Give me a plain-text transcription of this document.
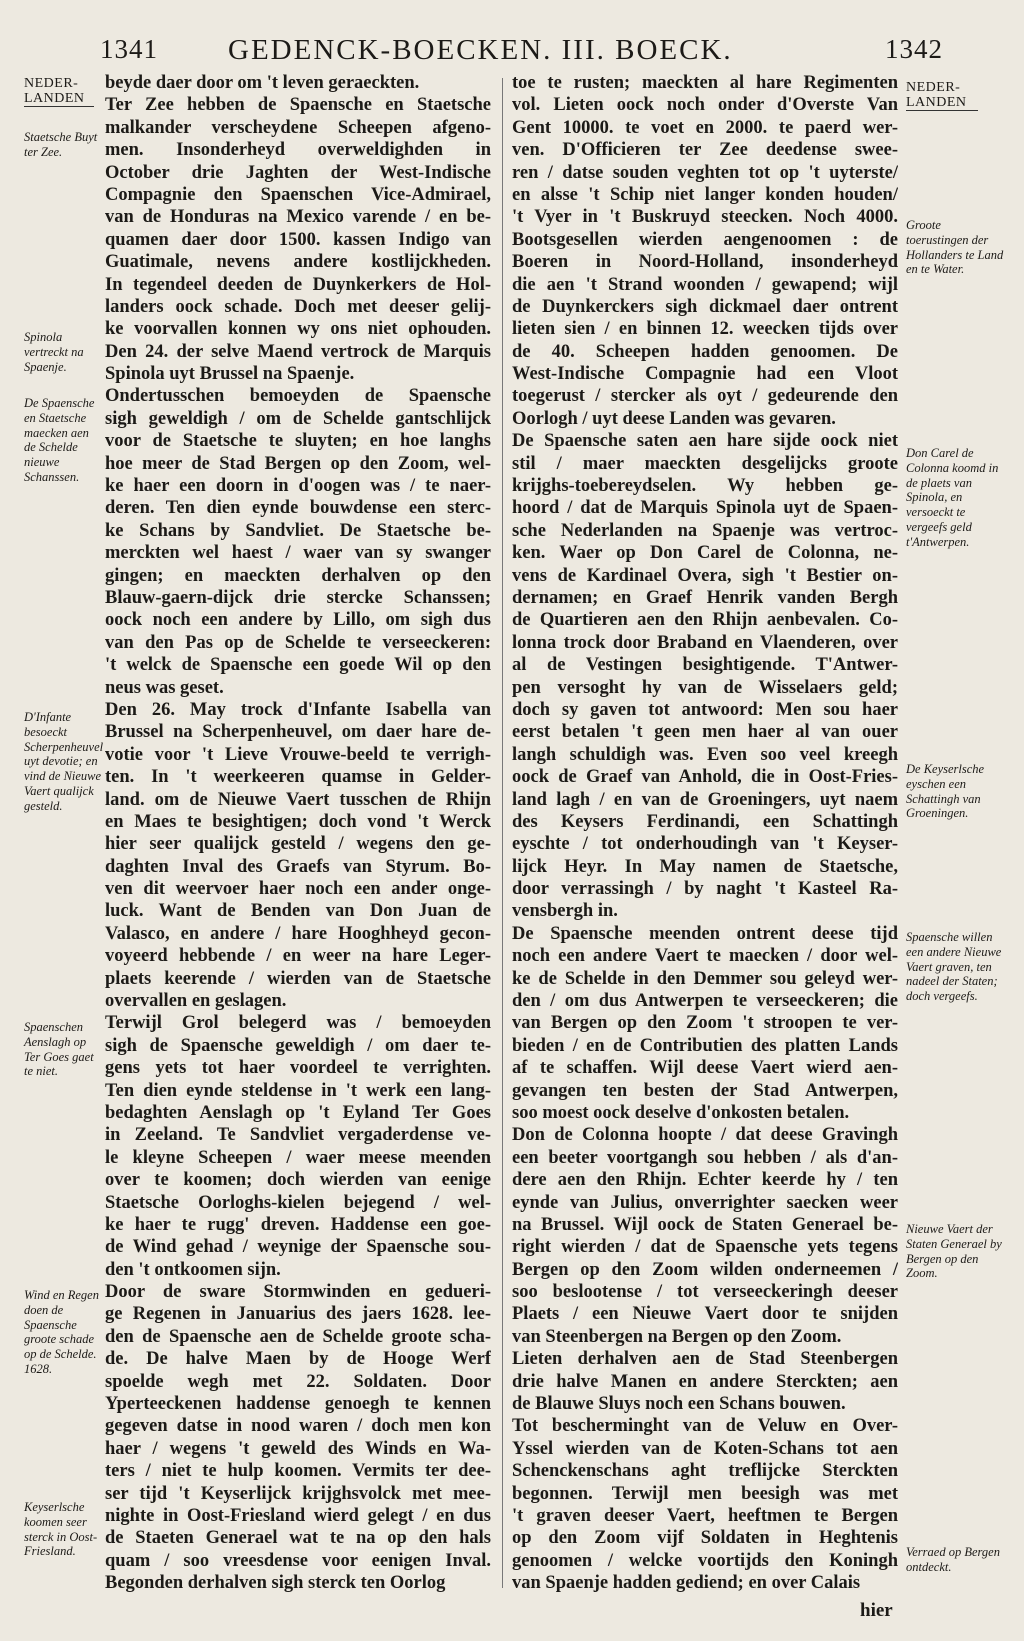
1341 GEDENCK-BOECKEN. III. BOECK.	1342
NEDER-LANDEN
NEDER-LANDEN
beyde daer door om 't leven geraeckten.
Ter Zee hebben de Spaensche en Staetsche
malkander verscheydene Scheepen afgeno-
men. Insonderheyd overweldighden in
October drie Jaghten der West-Indische
Compagnie den Spaenschen Vice-Admirael,
van de Honduras na Mexico varende / en be-
quamen daer door 1500. kassen Indigo van
Guatimale, nevens andere kostlijckheden.
In tegendeel deeden de Duynkerkers de Hol-
landers oock schade. Doch met deeser gelij-
ke voorvallen konnen wy ons niet ophouden.
Den 24. der selve Maend vertrock de Marquis
Spinola uyt Brussel na Spaenje.
Ondertusschen bemoeyden de Spaensche
sigh geweldigh / om de Schelde gantschlijck
voor de Staetsche te sluyten; en hoe langhs
hoe meer de Stad Bergen op den Zoom, wel-
ke haer een doorn in d'oogen was / te naer-
deren. Ten dien eynde bouwdense een sterc-
ke Schans by Sandvliet. De Staetsche be-
merckten wel haest / waer van sy swanger
gingen; en maeckten derhalven op den
Blauw-gaern-dijck drie stercke Schanssen;
oock noch een andere by Lillo, om sigh dus
van den Pas op de Schelde te verseeckeren:
't welck de Spaensche een goede Wil op den
neus was geset.
Den 26. May trock d'Infante Isabella van
Brussel na Scherpenheuvel, om daer hare de-
votie voor 't Lieve Vrouwe-beeld te verrigh-
ten. In 't weerkeeren quamse in Gelder-
land. om de Nieuwe Vaert tusschen de Rhijn
en Maes te besightigen; doch vond 't Werck
hier seer qualijck gesteld / wegens den ge-
daghten Inval des Graefs van Styrum. Bo-
ven dit weervoer haer noch een ander onge-
luck. Want de Benden van Don Juan de
Valasco, en andere / hare Hooghheyd gecon-
voyeerd hebbende / en weer na hare Leger-
plaets keerende / wierden van de Staetsche
overvallen en geslagen.
Terwijl Grol belegerd was / bemoeyden
sigh de Spaensche geweldigh / om daer te-
gens yets tot haer voordeel te verrighten.
Ten dien eynde steldense in 't werk een lang-
bedaghten Aenslagh op 't Eyland Ter Goes
in Zeeland. Te Sandvliet vergaderdense ve-
le kleyne Scheepen / waer meese meenden
over te koomen; doch wierden van eenige
Staetsche Oorloghs-kielen bejegend / wel-
ke haer te rugg' dreven. Haddense een goe-
de Wind gehad / weynige der Spaensche sou-
den 't ontkoomen sijn.
Door de sware Stormwinden en gedueri-
ge Regenen in Januarius des jaers 1628. lee-
den de Spaensche aen de Schelde groote scha-
de. De halve Maen by de Hooge Werf
spoelde wegh met 22. Soldaten. Door
Yperteeckenen haddense genoegh te kennen
gegeven datse in nood waren / doch men kon
haer / wegens 't geweld des Winds en Wa-
ters / niet te hulp koomen. Vermits ter dee-
ser tijd 't Keyserlijck krijghsvolck met mee-
nighte in Oost-Friesland wierd gelegt / en dus
de Staeten Generael wat te na op den hals
quam / soo vreesdense voor eenigen Inval.
Begonden derhalven sigh sterck ten Oorlog
toe te rusten; maeckten al hare Regimenten
vol. Lieten oock noch onder d'Overste Van
Gent 10000. te voet en 2000. te paerd wer-
ven. D'Officieren ter Zee deedense swee-
ren / datse souden veghten tot op 't uyterste/
en alsse 't Schip niet langer konden houden/
't Vyer in 't Buskruyd steecken. Noch 4000.
Bootsgesellen wierden aengenoomen : de
Boeren in Noord-Holland, insonderheyd
die aen 't Strand woonden / gewapend; wijl
de Duynkerckers sigh dickmael daer ontrent
lieten sien / en binnen 12. weecken tijds over
de 40. Scheepen hadden genoomen. De
West-Indische Compagnie had een Vloot
toegerust / stercker als oyt / gedeurende den
Oorlogh / uyt deese Landen was gevaren.
De Spaensche saten aen hare sijde oock niet
stil / maer maeckten desgelijcks groote
krijghs-toebereydselen. Wy hebben ge-
hoord / dat de Marquis Spinola uyt de Spaen-
sche Nederlanden na Spaenje was vertroc-
ken. Waer op Don Carel de Colonna, ne-
vens de Kardinael Overa, sigh 't Bestier on-
dernamen; en Graef Henrik vanden Bergh
de Quartieren aen den Rhijn aenbevalen. Co-
lonna trock door Braband en Vlaenderen, over
al de Vestingen besightigende. T'Antwer-
pen versoght hy van de Wisselaers geld;
doch sy gaven tot antwoord: Men sou haer
eerst betalen 't geen men haer al van ouer
langh schuldigh was. Even soo veel kreegh
oock de Graef van Anhold, die in Oost-Fries-
land lagh / en van de Groeningers, uyt naem
des Keysers Ferdinandi, een Schattingh
eyschte / tot onderhoudingh van 't Keyser-
lijck Heyr. In May namen de Staetsche,
door verrassingh / by naght 't Kasteel Ra-
vensbergh in.
De Spaensche meenden ontrent deese tijd
noch een andere Vaert te maecken / door wel-
ke de Schelde in den Demmer sou geleyd wer-
den / om dus Antwerpen te verseeckeren; die
van Bergen op den Zoom 't stroopen te ver-
bieden / en de Contributien des platten Lands
af te schaffen. Wijl deese Vaert wierd aen-
gevangen ten besten der Stad Antwerpen,
soo moest oock deselve d'onkosten betalen.
Don de Colonna hoopte / dat deese Gravingh
een beeter voortgangh sou hebben / als d'an-
dere aen den Rhijn. Echter keerde hy / ten
eynde van Julius, onverrighter saecken weer
na Brussel. Wijl oock de Staten Generael be-
right wierden / dat de Spaensche yets tegens
Bergen op den Zoom wilden onderneemen /
soo beslootense / tot verseeckeringh deeser
Plaets / een Nieuwe Vaert door te snijden
van Steenbergen na Bergen op den Zoom.
Lieten derhalven aen de Stad Steenbergen
drie halve Manen en andere Sterckten; aen
de Blauwe Sluys noch een Schans bouwen.
Tot bescherminght van de Veluw en Over-
Yssel wierden van de Koten-Schans tot aen
Schenckenschans aght treflijcke Sterckten
begonnen. Terwijl men beesigh was met
't graven deeser Vaert, heeftmen te Bergen
op den Zoom vijf Soldaten in Heghtenis
genoomen / welcke voortijds den Koningh
van Spaenje hadden gediend; en over Calais
Staetsche Buyt ter Zee.
Spinola vertreckt na Spaenje.
De Spaensche en Staetsche maecken aen de Schelde nieuwe Schanssen.
D'Infante besoeckt Scherpenheuvel uyt devotie; en vind de Nieuwe Vaert qualijck gesteld.
Spaenschen Aenslagh op Ter Goes gaet te niet.
Wind en Regen doen de Spaensche groote schade op de Schelde. 1628.
Keyserlsche koomen seer sterck in Oost-Friesland.
Groote toerustingen der Hollanders te Land en te Water.
Don Carel de Colonna koomd in de plaets van Spinola, en versoeckt te vergeefs geld t'Antwerpen.
De Keyserlsche eyschen een Schattingh van Groeningen.
Spaensche willen een andere Nieuwe Vaert graven, ten nadeel der Staten; doch vergeefs.
Nieuwe Vaert der Staten Generael by Bergen op den Zoom.
Verraed op Bergen ontdeckt.
hier
